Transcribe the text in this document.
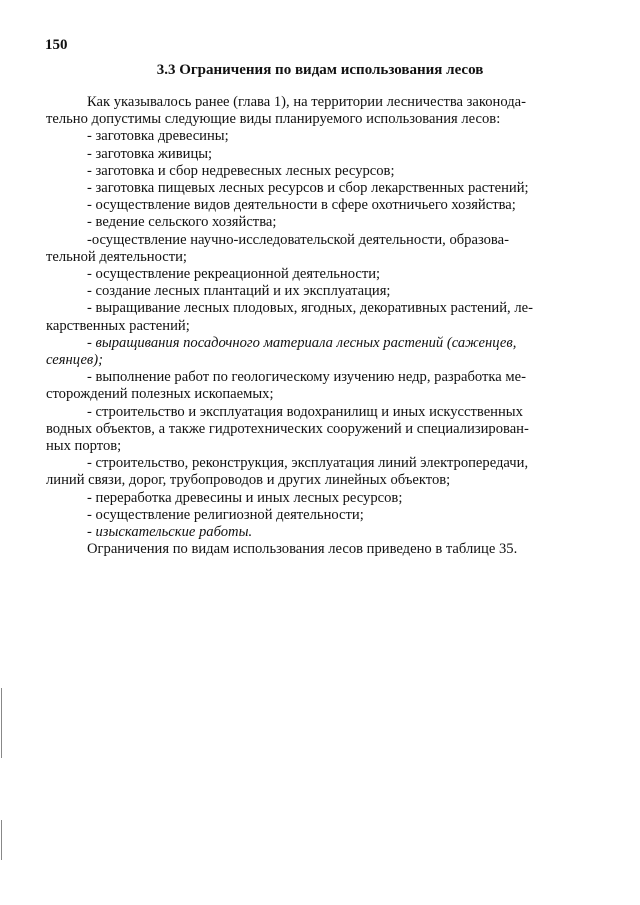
150
3.3 Ограничения по видам использования лесов
Как указывалось ранее (глава 1), на территории лесничества законода-
тельно допустимы следующие виды планируемого использования лесов:
- заготовка древесины;
- заготовка живицы;
- заготовка и сбор недревесных лесных ресурсов;
- заготовка пищевых лесных ресурсов и сбор лекарственных растений;
- осуществление видов деятельности в сфере охотничьего хозяйства;
- ведение сельского хозяйства;
-осуществление научно-исследовательской деятельности, образова-
тельной деятельности;
- осуществление рекреационной деятельности;
- создание лесных плантаций и их эксплуатация;
- выращивание лесных плодовых, ягодных, декоративных растений, ле-
карственных растений;
- выращивания посадочного материала лесных растений (саженцев,
сеянцев);
- выполнение работ по геологическому изучению недр, разработка ме-
сторождений полезных ископаемых;
- строительство и эксплуатация водохранилищ и иных искусственных
водных объектов, а также гидротехнических сооружений и специализирован-
ных портов;
- строительство, реконструкция, эксплуатация линий электропередачи,
линий связи, дорог, трубопроводов и других линейных объектов;
- переработка древесины и иных лесных ресурсов;
- осуществление религиозной деятельности;
- изыскательские работы.
Ограничения по видам использования лесов приведено в таблице 35.
